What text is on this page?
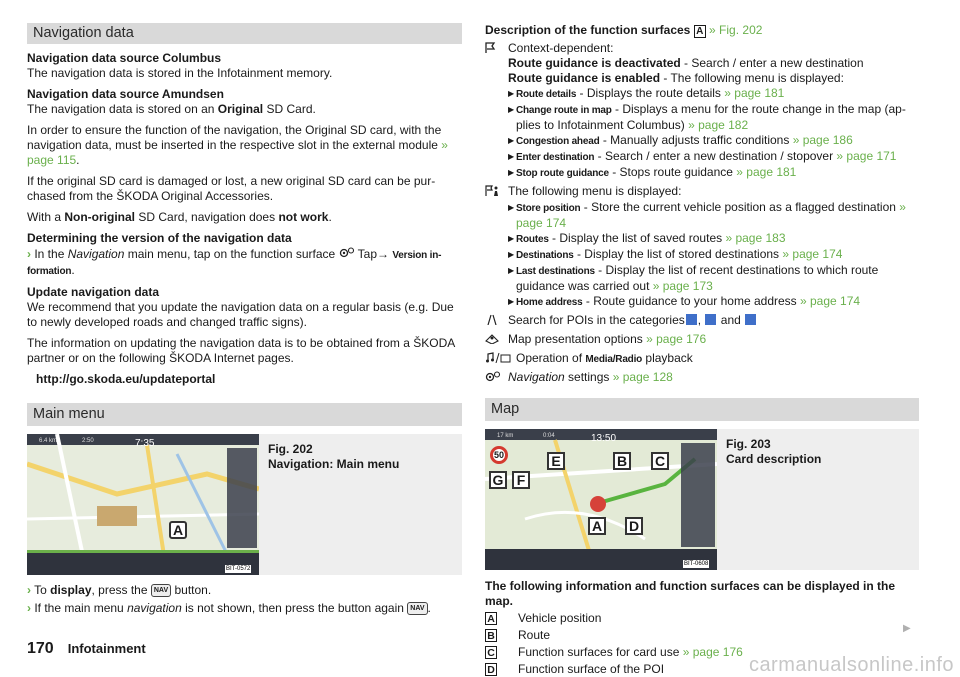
Navigation data

Navigation data source Columbus
The navigation data is stored in the Infotainment memory.

Navigation data source Amundsen
The navigation data is stored on an Original SD Card.

In order to ensure the function of the navigation, the Original SD card, with the navigation data, must be inserted in the respective slot in the external module » page 115.

If the original SD card is damaged or lost, a new original SD card can be pur-chased from the ŠKODA Original Accessories.

With a Non-original SD Card, navigation does not work.

Determining the version of the navigation data

› In the Navigation main menu, tap on the function surface  Tap→ Version in-formation.

Update navigation data
We recommend that you update the navigation data on a regular basis (e.g. Due to newly developed roads and changed traffic signs).

The information on updating the navigation data is to be obtained from a ŠKODA partner or on the following ŠKODA Internet pages.

http://go.skoda.eu/updateportal

Main menu
6.4 km	2:50	7:35
A
BIT-0572
Fig. 202
Navigation: Main menu

› To display, press the NAV button.

› If the main menu navigation is not shown, then press the button again NAV .

Description of the function surfaces A » Fig. 202
Context-dependent:
Route guidance is deactivated - Search / enter a new destination
Route guidance is enabled - The following menu is displayed:
▶ Route details - Displays the route details » page 181
▶ Change route in map - Displays a menu for the route change in the map (ap-plies to Infotainment Columbus) » page 182
▶ Congestion ahead - Manually adjusts traffic conditions » page 186
▶ Enter destination - Search / enter a new destination / stopover » page 171
▶ Stop route guidance - Stops route guidance » page 181
The following menu is displayed:
▶ Store position - Store the current vehicle position as a flagged destination » page 174
▶ Routes - Display the list of saved routes » page 183
▶ Destinations - Display the list of stored destinations » page 174
▶ Last destinations - Display the list of recent destinations to which route guidance was carried out » page 173
▶ Home address - Route guidance to your home address » page 174
Search for POIs in the categories ,  and
Map presentation options » page 176
Operation of Media/Radio playback
Navigation settings » page 128
Map
17 km	0:04	13:50
50
G F
E	B C
A D
BIT-0608
Fig. 203
Card description

The following information and function surfaces can be displayed in the map.

A Vehicle position
B Route
C Function surfaces for card use » page 176
D Function surface of the POI
▶
170 Infotainment
carmanualsonline.info
